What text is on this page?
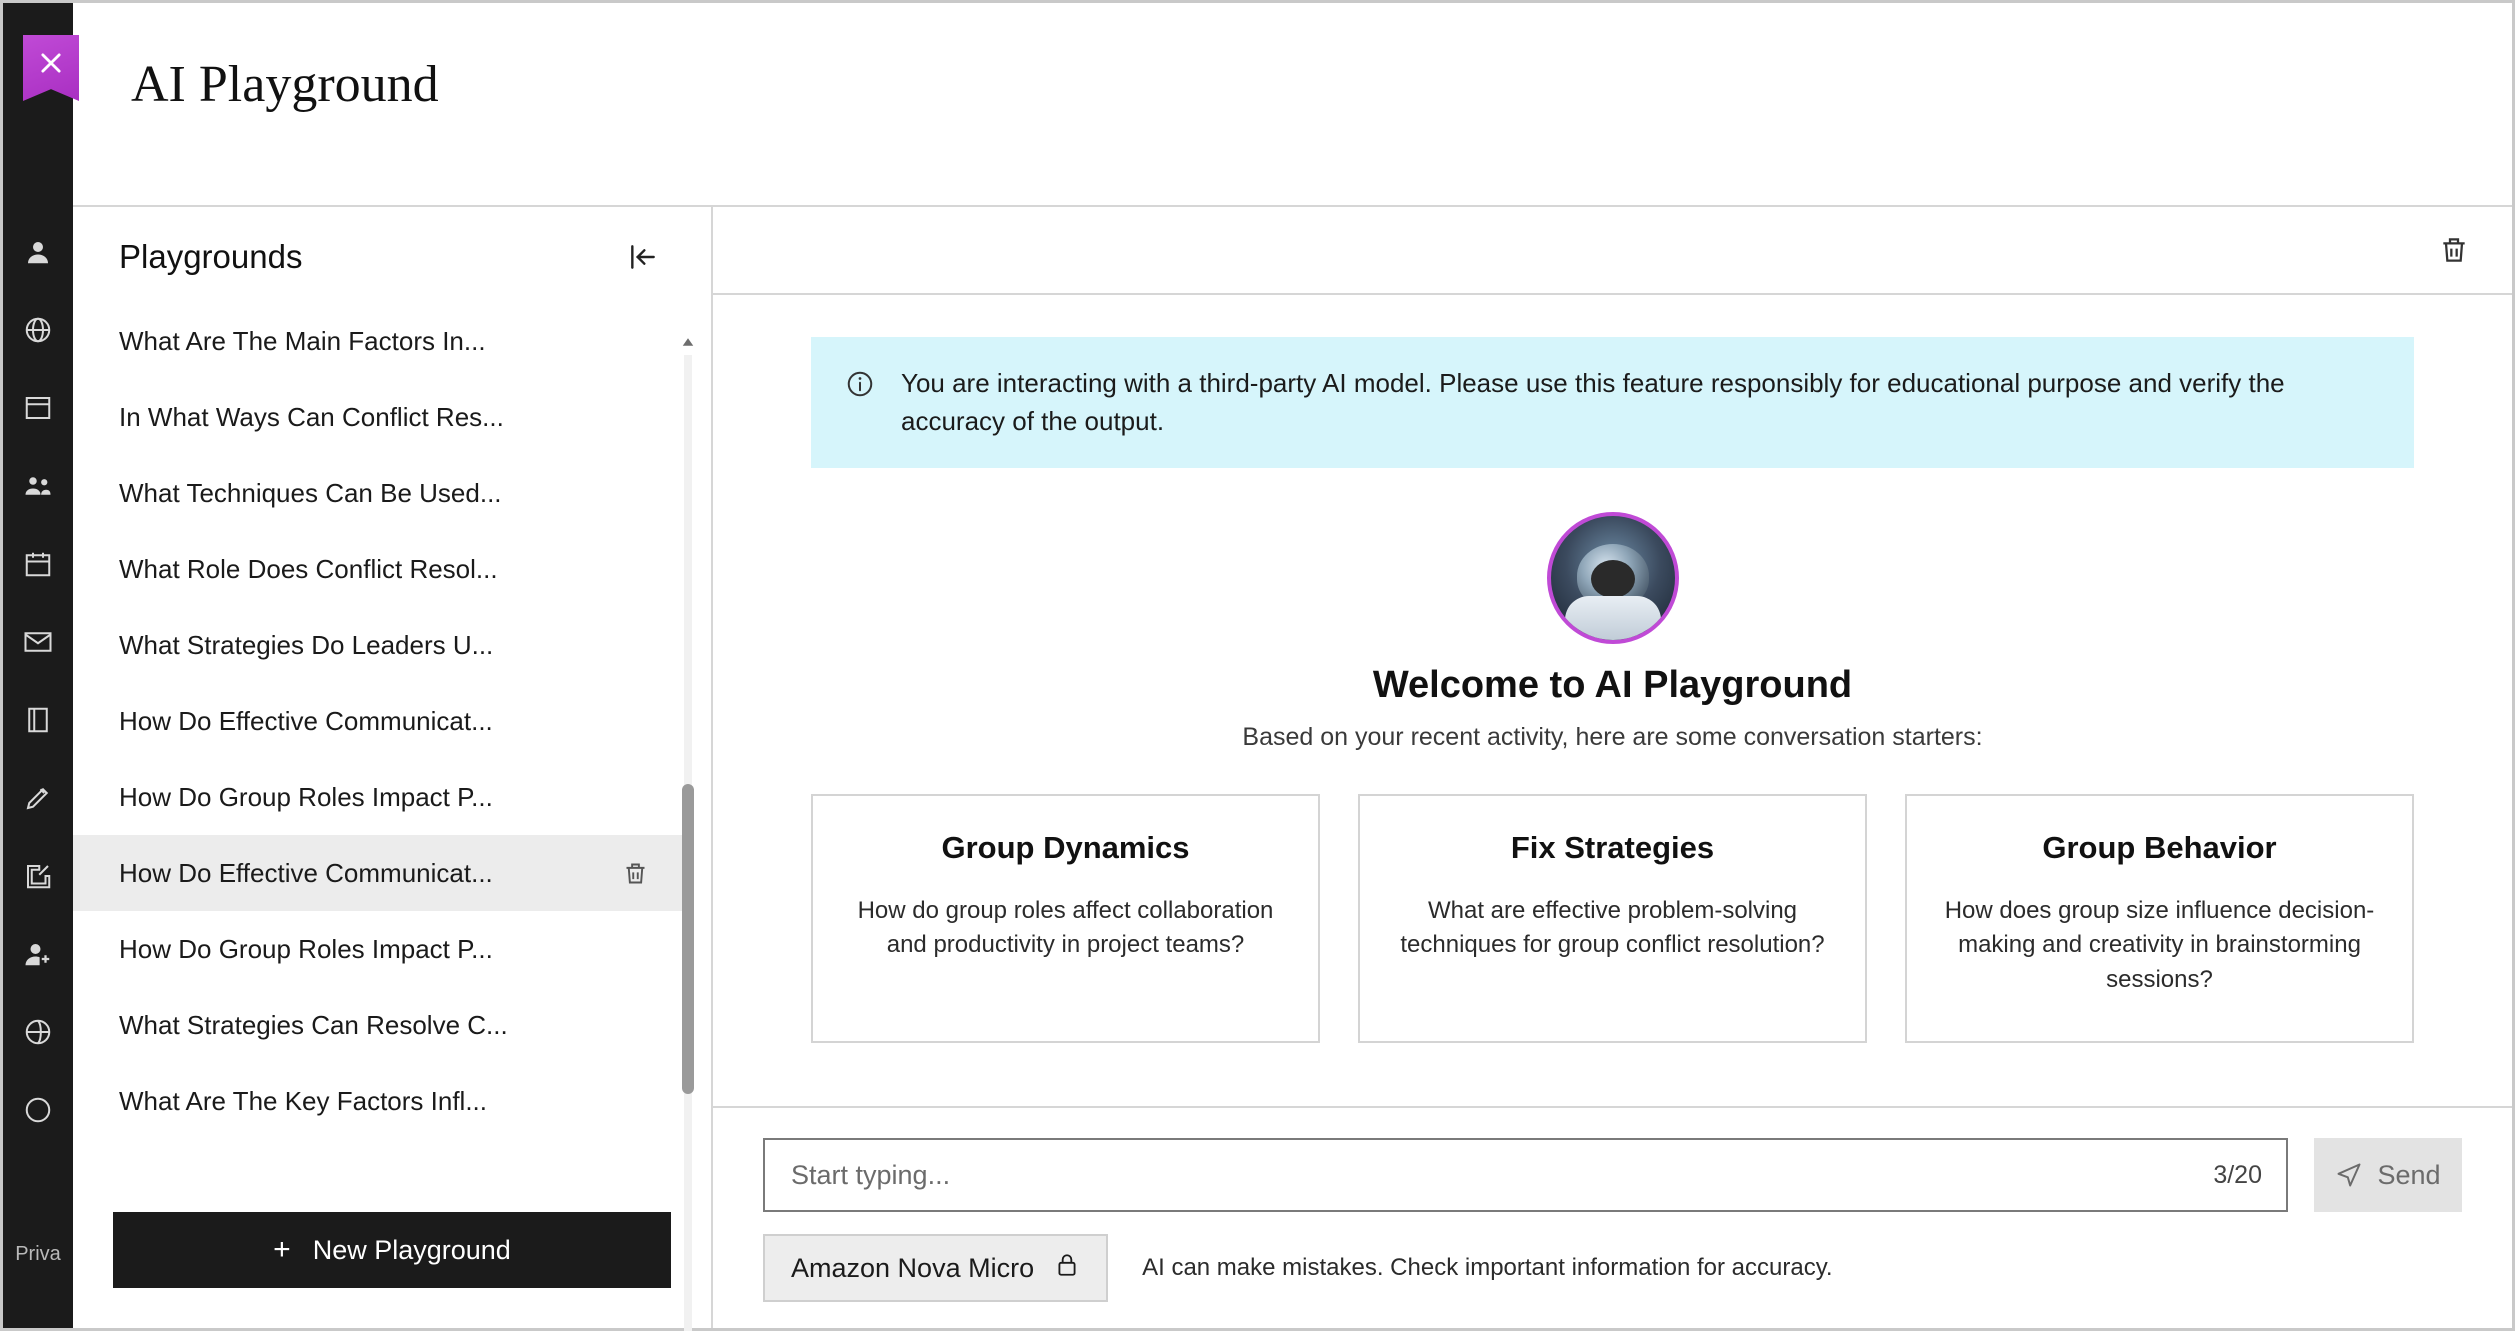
Priva
AI Playground
Playgrounds
What Are The Main Factors In...
In What Ways Can Conflict Res...
What Techniques Can Be Used...
What Role Does Conflict Resol...
What Strategies Do Leaders U...
How Do Effective Communicat...
How Do Group Roles Impact P...
How Do Effective Communicat...
How Do Group Roles Impact P...
What Strategies Can Resolve C...
What Are The Key Factors Infl...
+ New Playground
You are interacting with a third-party AI model. Please use this feature responsibly for educational purpose and verify the accuracy of the output.
Welcome to AI Playground
Based on your recent activity, here are some conversation starters:
Group Dynamics
How do group roles affect collaboration and productivity in project teams?
Fix Strategies
What are effective problem-solving techniques for group conflict resolution?
Group Behavior
How does group size influence decision-making and creativity in brainstorming sessions?
Start typing...
3/20	Send
Amazon Nova Micro	AI can make mistakes. Check important information for accuracy.
